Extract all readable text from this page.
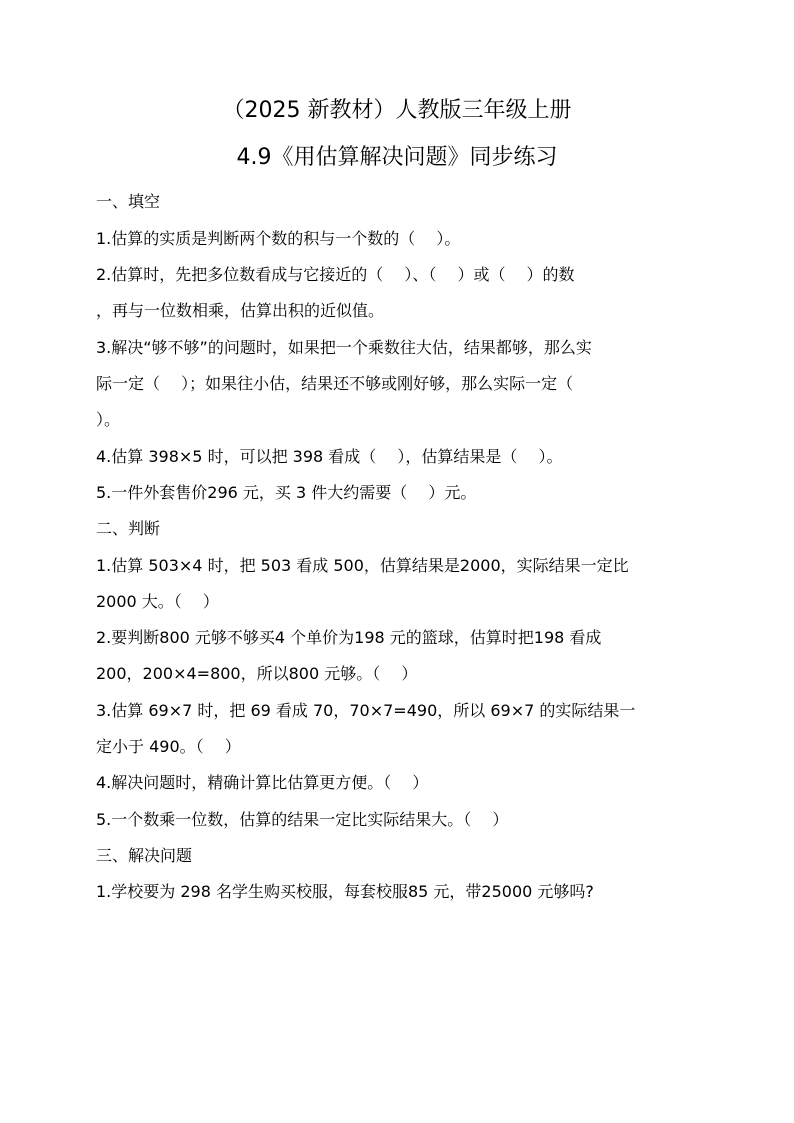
（2025 新教材）人教版三年级上册
4.9《用估算解决问题》同步练习
一、填空
1.估算的实质是判断两个数的积与一个数的（　 ）。
2.估算时，先把多位数看成与它接近的（　 ）、（　 ）或（　 ）的数
，再与一位数相乘，估算出积的近似值。
3.解决“够不够”的问题时，如果把一个乘数往大估，结果都够，那么实
际一定（　 ）；如果往小估，结果还不够或刚好够，那么实际一定（
）。
4.估算 398×5 时，可以把 398 看成（　 ），估算结果是（　 ）。
5.一件外套售价296 元，买 3 件大约需要（　 ）元。
二、判断
1.估算 503×4 时，把 503 看成 500，估算结果是2000，实际结果一定比
2000 大。（　 ）
2.要判断800 元够不够买4 个单价为198 元的篮球，估算时把198 看成
200，200×4=800，所以800 元够。（　 ）
3.估算 69×7 时，把 69 看成 70，70×7=490，所以 69×7 的实际结果一
定小于 490。（　 ）
4.解决问题时，精确计算比估算更方便。（　 ）
5.一个数乘一位数，估算的结果一定比实际结果大。（　 ）
三、解决问题
1.学校要为 298 名学生购买校服，每套校服85 元，带25000 元够吗?
